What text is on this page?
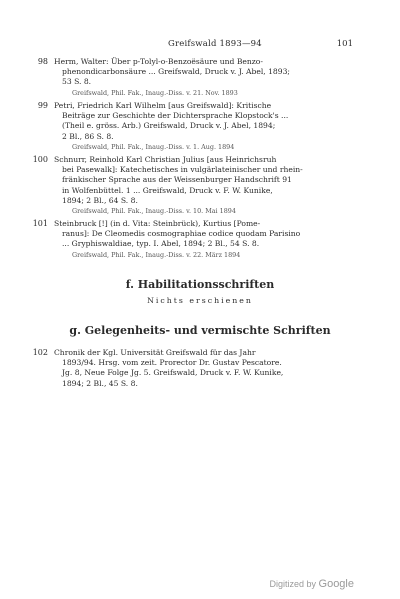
Greifswald 1893—94	101
98 Herm, Walter: Über p-Tolyl-o-Benzoësäure und Benzo-
phenondicarbonsäure ... Greifswald, Druck v. J. Abel, 1893;
53 S. 8.
Greifswald, Phil. Fak., Inaug.-Diss. v. 21. Nov. 1893
99 Petri, Friedrich Karl Wilhelm [aus Greifswald]: Kritische
Beiträge zur Geschichte der Dichtersprache Klopstock's ...
(Theil e. gröss. Arb.) Greifswald, Druck v. J. Abel, 1894;
2 Bl., 86 S. 8.
Greifswald, Phil. Fak., Inaug.-Diss. v. 1. Aug. 1894
100 Schnurr, Reinhold Karl Christian Julius [aus Heinrichsruh
bei Pasewalk]: Katechetisches in vulgärlateinischer und rhein-
fränkischer Sprache aus der Weissenburger Handschrift 91
in Wolfenbüttel. 1 ... Greifswald, Druck v. F. W. Kunike,
1894; 2 Bl., 64 S. 8.
Greifswald, Phil. Fak., Inaug.-Diss. v. 10. Mai 1894
101 Steinbruck [!] (in d. Vita: Steinbrück), Kurtius [Pome-
ranus]: De Cleomedis cosmographiae codice quodam Parisino
... Gryphiswaldiae, typ. I. Abel, 1894; 2 Bl., 54 S. 8.
Greifswald, Phil. Fak., Inaug.-Diss. v. 22. März 1894
f. Habilitationsschriften
Nichts erschienen
g. Gelegenheits- und vermischte Schriften
102 Chronik der Kgl. Universität Greifswald für das Jahr
1893/94. Hrsg. vom zeit. Prorector Dr. Gustav Pescatore.
Jg. 8, Neue Folge Jg. 5. Greifswald, Druck v. F. W. Kunike,
1894; 2 Bl., 45 S. 8.
Digitized by Google
